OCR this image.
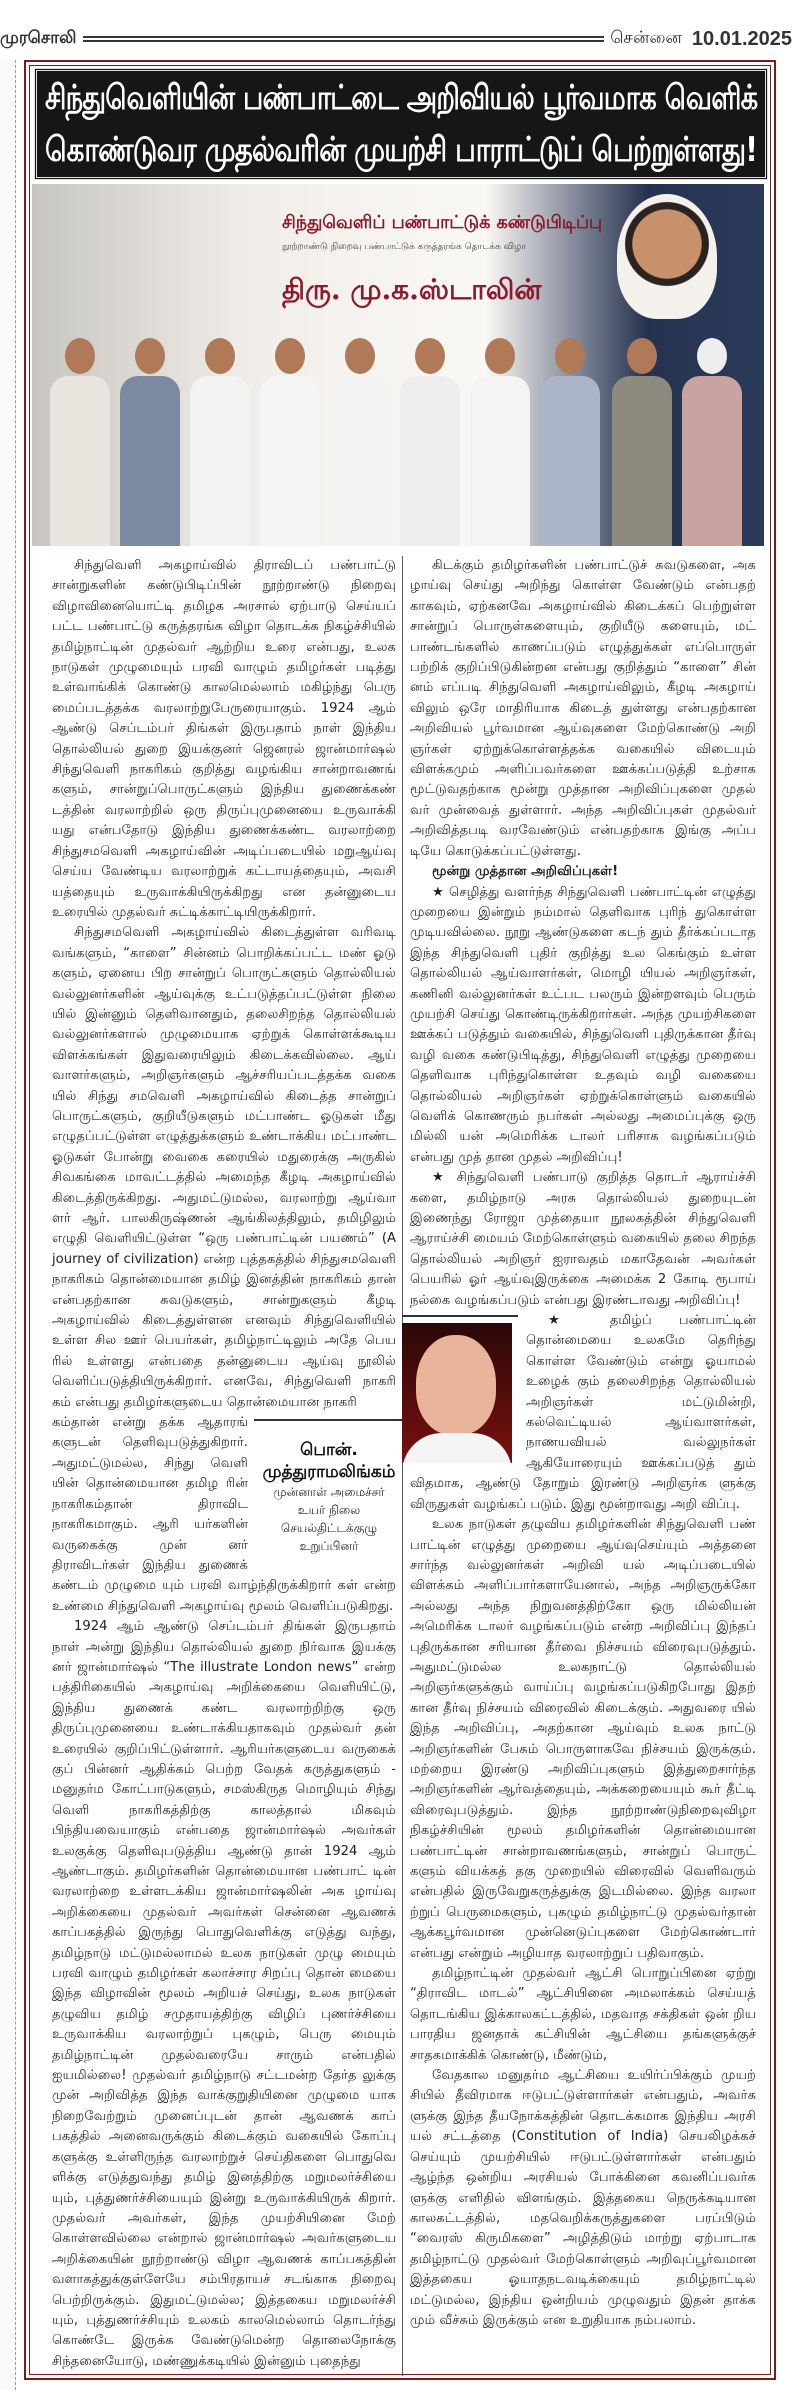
முரசொலி	சென்னை 10.01.2025
சிந்துவெளியின் பண்பாட்டை அறிவியல் பூர்வமாக வெளிக்
கொண்டுவர முதல்வரின் முயற்சி பாராட்டுப் பெற்றுள்ளது!
சிந்துவெளிப் பண்பாட்டுக் கண்டுபிடிப்பு
நூற்றாண்டு நிறைவு பண்பாட்டுக் கருத்தரங்க தொடக்க விழா
திரு. மு.க.ஸ்டாலின்

சிந்துவெளி அகழாய்வில் திராவிடப் பண்பாட்டு சான்றுகளின் கண்டுபிடிப்பின் நூற்றாண்டு நிறைவு விழாவினையொட்டி தமிழக அரசால் ஏற்பாடு செய்யப் பட்ட பண்பாட்டு கருத்தரங்க விழா தொடக்க நிகழ்ச்சியில் தமிழ்நாட்டின் முதல்வர் ஆற்றிய உரை என்பது, உலக நாடுகள் முழுமையும் பரவி வாழும் தமிழர்கள் படித்து உள்வாங்கிக் கொண்டு காலமெல்லாம் மகிழ்ந்து பெரு மைப்படத்தக்க வரலாற்றுபேருரையாகும். 1924 ஆம் ஆண்டு செப்டம்பர் திங்கள் இருபதாம் நாள் இந்திய தொல்லியல் துறை இயக்குனர் ஜெனரல் ஜான்மார்ஷல் சிந்துவெளி நாகரிகம் குறித்து வழங்கிய சான்றாவணங் களும், சான்றுப்பொருட்களும் இந்திய துணைக்கண் டத்தின் வரலாற்றில் ஒரு திருப்புமுனையை உருவாக்கி யது என்பதோடு இந்திய துணைக்கண்ட வரலாற்றை சிந்துசமவெளி அகழாய்வின் அடிப்படையில் மறுஆய்வு செய்ய வேண்டிய வரலாற்றுக் கட்டாயத்தையும், அவசி யத்தையும் உருவாக்கியிருக்கிறது என தன்னுடைய உரையில் முதல்வர் சுட்டிக்காட்டியிருக்கிறார்.

சிந்துசமவெளி அகழாய்வில் கிடைத்துள்ள வரிவடி வங்களும், “காளை” சின்னம் பொறிக்கப்பட்ட மண் ஓடு களும், ஏனைய பிற சான்றுப் பொருட்களும் தொல்லியல் வல்லுனர்களின் ஆய்வுக்கு உட்படுத்தப்பட்டுள்ள நிலை யில் இன்னும் தெளிவானதும், தலைசிறந்த தொல்லியல் வல்லுனர்களால் முழுமையாக ஏற்றுக் கொள்ளக்கூடிய விளக்கங்கள் இதுவரையிலும் கிடைக்கவில்லை. ஆய் வாளர்களும், அறிஞர்களும் ஆச்சரியப்படத்தக்க வகை யில் சிந்து சமவெளி அகழாய்வில் கிடைத்த சான்றுப் பொருட்களும், குறியீடுகளும் மட்பாண்ட ஓடுகள் மீது எழுதப்பட்டுள்ள எழுத்துக்களும் உண்டாக்கிய மட்பாண்ட ஓடுகள் போன்று வைகை கரையில் மதுரைக்கு அருகில் சிவகங்கை மாவட்டத்தில் அமைந்த கீழடி அகழாய்வில் கிடைத்திருக்கிறது. அதுமட்டுமல்ல, வரலாற்று ஆய்வா ளர் ஆர். பாலகிருஷ்ணன் ஆங்கிலத்திலும், தமிழிலும் எழுதி வெளியிட்டுள்ள “ஒரு பண்பாட்டின் பயணம்” (A journey of civilization) என்ற புத்தகத்தில் சிந்துசமவெளி நாகரிகம் தொன்மையான தமிழ் இனத்தின் நாகரிகம் தான் என்பதற்கான சுவடுகளும், சான்றுகளும் கீழடி அகழாய்வில் கிடைத்துள்ளன எனவும் சிந்துவெளியில் உள்ள சில ஊர் பெயர்கள், தமிழ்நாட்டிலும் அதே பெய ரில் உள்ளது என்பதை தன்னுடைய ஆய்வு நூலில் வெளிப்படுத்தியிருக்கிறார். எனவே, சிந்துவெளி நாகரி கம் என்பது தமிழர்களுடைய தொன்மையான நாகரி

பொன்.
முத்துராமலிங்கம்
முன்னாள் அமைச்சர்
உயர் நிலை
செயல்திட்டக்குழு
உறுப்பினர்

கம்தான் என்று தக்க ஆதாரங் களுடன் தெளிவுபடுத்துகிறார். அதுமட்டுமல்ல, சிந்து வெளி யின் தொன்மையான தமிழ ரின் நாகரிகம்தான் திராவிட நாகரிகமாகும். ஆரி யர்களின் வருகைக்கு முன் னர் திராவிடர்கள் இந்திய துணைக் கண்டம் முழுமை யும் பரவி வாழ்ந்திருக்கிறார் கள் என்ற உண்மை சிந்துவெளி அகழாய்வு மூலம் வெளிப்படுகிறது.

1924 ஆம் ஆண்டு செப்டம்பர் திங்கள் இருபதாம் நாள் அன்று இந்திய தொல்லியல் துறை நிர்வாக இயக்கு னர் ஜான்மார்ஷல் “The illustrate London news” என்ற பத்திரிகையில் அகழாய்வு அறிக்கையை வெளியிட்டு, இந்திய துணைக் கண்ட வரலாற்றிற்கு ஒரு திருப்புமுனையை உண்டாக்கியதாகவும் முதல்வர் தன் உரையில் குறிப்பிட்டுள்ளார். ஆரியர்களுடைய வருகைக் குப் பின்னர் ஆதிக்கம் பெற்ற வேதக் கருத்துகளும் - மனுதர்ம கோட்பாடுகளும், சமஸ்கிருத மொழியும் சிந்து வெளி நாகரிகத்திற்கு காலத்தால் மிகவும் பிந்தியவையாகும் என்பதை ஜான்மார்ஷல் அவர்கள் உலகுக்கு தெளிவுபடுத்திய ஆண்டு தான் 1924 ஆம் ஆண்டாகும். தமிழர்களின் தொன்மையான பண்பாட் டின் வரலாற்றை உள்ளடக்கிய ஜான்மார்ஷலின் அக ழாய்வு அறிக்கையை முதல்வர் அவர்கள் சென்னை ஆவணக் காப்பகத்தில் இருந்து பொதுவெளிக்கு எடுத்து வந்து, தமிழ்நாடு மட்டுமல்லாமல் உலக நாடுகள் முழு மையும் பரவி வாழும் தமிழர்கள் கலாச்சார சிறப்பு தொன் மையை இந்த விழாவின் மூலம் அறியச் செய்து, உலக நாடுகள் தழுவிய தமிழ் சமுதாயத்திற்கு விழிப் புணர்ச்சியை உருவாக்கிய வரலாற்றுப் புகழும், பெரு மையும் தமிழ்நாட்டின் முதல்வரையே சாரும் என்பதில் ஐயமில்லை! முதல்வர் தமிழ்நாடு சட்டமன்ற தேர்த லுக்கு முன் அறிவித்த இந்த வாக்குறுதியினை முழுமை யாக நிறைவேற்றும் முனைப்புடன் தான் ஆவணக் காப் பகத்தில் அனைவருக்கும் கிடைக்கும் வகையில் கோப்பு களுக்கு உள்ளிருந்த வரலாற்றுச் செய்திகளை பொதுவெ ளிக்கு எடுத்துவந்து தமிழ் இனத்திற்கு மறுமலர்ச்சியை யும், புத்துணர்ச்சியையும் இன்று உருவாக்கியிருக் கிறார். முதல்வர் அவர்கள், இந்த முயற்சியினை மேற் கொள்ளவில்லை என்றால் ஜான்மார்ஷல் அவர்களுடைய அறிக்கையின் நூற்றாண்டு விழா ஆவணக் காப்பகத்தின் வளாகத்துக்குள்ளேயே சம்பிரதாயச் சடங்காக நிறைவு பெற்றிருக்கும். இதுமட்டுமல்ல; இத்தகைய மறுமலர்ச்சி யும், புத்துணர்ச்சியும் உலகம் காலமெல்லாம் தொடர்ந்து கொண்டே இருக்க வேண்டுமென்ற தொலைநோக்கு சிந்தனையோடு, மண்ணுக்கடியில் இன்னும் புதைந்து

கிடக்கும் தமிழர்களின் பண்பாட்டுச் சுவடுகளை, அக ழாய்வு செய்து அறிந்து கொள்ள வேண்டும் என்பதற் காகவும், ஏற்கனவே அகழாய்வில் கிடைக்கப் பெற்றுள்ள சான்றுப் பொருள்களையும், குறியீடு களையும், மட் பாண்டங்களில் காணப்படும் எழுத்துக்கள் எப்பொருள் பற்றிக் குறிப்பிடுகின்றன என்பது குறித்தும் “காளை” சின் னம் எப்படி சிந்துவெளி அகழாய்விலும், கீழடி அகழாய் விலும் ஒரே மாதிரியாக கிடைத் துள்ளது என்பதற்கான அறிவியல் பூர்வமான ஆய்வுகளை மேற்கொண்டு அறி ஞர்கள் ஏற்றுக்கொள்ளத்தக்க வகையில் விடையும் விளக்கமும் அளிப்பவர்களை ஊக்கப்படுத்தி உற்சாக மூட்டுவதற்காக மூன்று முத்தான அறிவிப்புகளை முதல் வர் முன்வைத் துள்ளார். அந்த அறிவிப்புகள் முதல்வர் அறிவித்தபடி வரவேண்டும் என்பதற்காக இங்கு அப்ப டியே கொடுக்கப்பட்டுள்ளது.

மூன்று முத்தான அறிவிப்புகள்!

★ செழித்து வளர்ந்த சிந்துவெளி பண்பாட்டின் எழுத்து முறையை இன்றும் நம்மால் தெளிவாக புரிந் துகொள்ள முடியவில்லை. நூறு ஆண்டுகளை கடந் தும் தீர்க்கப்படாத இந்த சிந்துவெளி புதிர் குறித்து உல கெங்கும் உள்ள தொல்லியல் ஆய்வாளர்கள், மொழி யியல் அறிஞர்கள், கணினி வல்லுனர்கள் உட்பட பலரும் இன்றளவும் பெரும் முயற்சி செய்து கொண்டிருக்கிறார்கள். அந்த முயற்சிகளை ஊக்கப் படுத்தும் வகையில், சிந்துவெளி புதிருக்கான தீர்வு வழி வகை கண்டுபிடித்து, சிந்துவெளி எழுத்து முறையை தெளிவாக புரிந்துகொள்ள உதவும் வழி வகையை தொல்லியல் அறிஞர்கள் ஏற்றுக்கொள்ளும் வகையில் வெளிக் கொணரும் நபர்கள் அல்லது அமைப்புக்கு ஒரு மில்லி யன் அமெரிக்க டாலர் பரிசாக வழங்கப்படும் என்பது முத் தான முதல் அறிவிப்பு!

★ சிந்துவெளி பண்பாடு குறித்த தொடர் ஆராய்ச்சி களை, தமிழ்நாடு அரசு தொல்லியல் துறையுடன் இணைந்து ரோஜா முத்தையா நூலகத்தின் சிந்துவெளி ஆராய்ச்சி மையம் மேற்கொள்ளும் வகையில் தலை சிறந்த தொல்லியல் அறிஞர் ஐராவதம் மகாதேவன் அவர்கள் பெயரில் ஓர் ஆய்வுஇருக்கை அமைக்க 2 கோடி ரூபாய் நல்கை வழங்கப்படும் என்பது இரண்டாவது அறிவிப்பு!

★ தமிழ்ப் பண்பாட்டின் தொன்மையை உலகமே தெரிந்து கொள்ள வேண்டும் என்று ஓயாமல் உழைக் கும் தலைசிறந்த தொல்லியல் அறிஞர்கள் மட்டுமின்றி, கல்வெட்டியல் ஆய்வாளர்கள், நாணயவியல் வல்லுநர்கள் ஆகியோரையும் ஊக்கப்படுத் தும் விதமாக, ஆண்டு தோறும் இரண்டு அறிஞர்க ளுக்கு விருதுகள் வழங்கப் படும். இது மூன்றாவது அறி விப்பு.

உலக நாடுகள் தழுவிய தமிழர்களின் சிந்துவெளி பண் பாட்டின் எழுத்து முறையை ஆய்வுசெய்யும் அத்தனை சார்ந்த வல்லுனர்கள் அறிவி யல் அடிப்படையில் விளக்கம் அளிப்பார்களாயேனால், அந்த அறிஞருக்கோ அல்லது அந்த நிறுவனத்திற்கோ ஒரு மில்லியன் அமெரிக்க டாலர் வழங்கப்படும் என்ற அறிவிப்பு இந்தப் புதிருக்கான சரியான தீர்வை நிச்சயம் விரைவுபடுத்தும். அதுமட்டுமல்ல உலகநாட்டு தொல்லியல் அறிஞர்களுக்கும் வாய்ப்பு வழங்கப்படுகிறபோது இதற் கான தீர்வு நிச்சயம் விரைவில் கிடைக்கும். அதுவரை யில் இந்த அறிவிப்பு, அதற்கான ஆய்வும் உலக நாட்டு அறிஞர்களின் பேசும் பொருளாகவே நிச்சயம் இருக்கும். மற்றைய இரண்டு அறிவிப்புகளும் இத்துறைசார்ந்த அறிஞர்களின் ஆர்வத்தையும், அக்கறையையும் கூர் தீட்டி விரைவுபடுத்தும். இந்த நூற்றாண்டுநிறைவுவிழா நிகழ்ச்சியின் மூலம் தமிழர்களின் தொன்மையான பண்பாட்டின் சான்றாவணங்களும், சான்றுப் பொருட் களும் வியக்கத் தகு முறையில் விரைவில் வெளிவரும் என்பதில் இருவேறுகருத்துக்கு இடமில்லை. இந்த வரலா ற்றுப் பெருமைகளும், புகழும் தமிழ்நாட்டு முதல்வர்தான் ஆக்கபூர்வமான முன்னெடுப்புகளை மேற்கொண்டார் என்பது என்றும் அழியாத வரலாற்றுப் பதிவாகும்.

தமிழ்நாட்டின் முதல்வர் ஆட்சி பொறுப்பினை ஏற்று “திராவிட மாடல்” ஆட்சியினை அமலாக்கம் செய்யத் தொடங்கிய இக்காலகட்டத்தில், மதவாத சக்திகள் ஒன் றிய பாரதிய ஜனதாக் கட்சியின் ஆட்சியை தங்களுக்குச் சாதகமாக்கிக் கொண்டு, மீண்டும்,

வேதகால மனுதர்ம ஆட்சியை உயிர்ப்பிக்கும் முயற் சியில் தீவிரமாக ஈடுபட்டுள்ளார்கள் என்பதும், அவர்க ளுக்கு இந்த தீயநோக்கத்தின் தொடக்கமாக இந்திய அரசி யல் சட்டத்தை (Constitution of India) செயலிழக்கச் செய்யும் முயற்சியில் ஈடுபட்டுள்ளார்கள் என்பதும் ஆழ்ந்த ஒன்றிய அரசியல் போக்கினை கவனிப்பவர்க ளுக்கு எளிதில் விளங்கும். இத்தகைய நெருக்கடியான காலகட்டத்தில், மதவெறிக்கருத்துகளை பரப்பிடும் “வைரஸ் கிருமிகளை” அழித்திடும் மாற்று ஏற்பாடாக தமிழ்நாட்டு முதல்வர் மேற்கொள்ளும் அறிவுப்பூர்வமான இத்தகைய ஓயாதநடவடிக்கையும் தமிழ்நாட்டில் மட்டுமல்ல, இந்திய ஒன்றியம் முழுவதும் இதன் தாக்க மும் வீச்சும் இருக்கும் என உறுதியாக நம்பலாம்.
